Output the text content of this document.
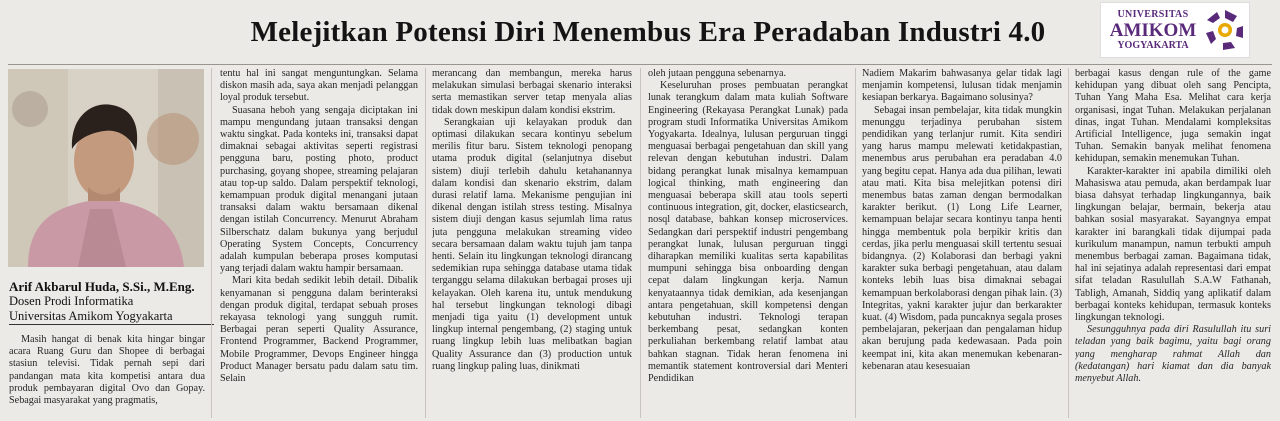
Melejitkan Potensi Diri Menembus Era Peradaban Industri 4.0
UNIVERSITAS
AMIKOM
YOGYAKARTA
Arif Akbarul Huda, S.Si., M.Eng.
Dosen Prodi Informatika
Universitas Amikom Yogyakarta

Masih hangat di benak kita hingar bingar acara Ruang Guru dan Shopee di berbagai stasiun televisi. Tidak pernah sepi dari pandangan mata kita kompetisi antara dua produk pembayaran digital Ovo dan Gopay. Sebagai masyarakat yang pragmatis,

tentu hal ini sangat menguntungkan. Selama diskon masih ada, saya akan menjadi pelanggan loyal produk tersebut.

Suasana heboh yang sengaja diciptakan ini mampu mengundang jutaan transaksi dengan waktu singkat. Pada konteks ini, transaksi dapat dimaknai sebagai aktivitas seperti registrasi pengguna baru, posting photo, product purchasing, goyang shopee, streaming pelajaran atau top-up saldo. Dalam perspektif teknologi, kemampuan produk digital menangani jutaan transaksi dalam waktu bersamaan dikenal dengan istilah Concurrency. Menurut Abraham Silberschatz dalam bukunya yang berjudul Operating System Concepts, Concurrency adalah kumpulan beberapa proses komputasi yang terjadi dalam waktu hampir bersamaan.

Mari kita bedah sedikit lebih detail. Dibalik kenyamanan si pengguna dalam berinteraksi dengan produk digital, terdapat sebuah proses rekayasa teknologi yang sungguh rumit. Berbagai peran seperti Quality Assurance, Frontend Programmer, Backend Programmer, Mobile Programmer, Devops Engineer hingga Product Manager bersatu padu dalam satu tim. Selain

merancang dan membangun, mereka harus melakukan simulasi berbagai skenario interaksi serta memastikan server tetap menyala alias tidak down meskipun dalam kondisi ekstrim.

Serangkaian uji kelayakan produk dan optimasi dilakukan secara kontinyu sebelum merilis fitur baru. Sistem teknologi penopang utama produk digital (selanjutnya disebut sistem) diuji terlebih dahulu ketahanannya dalam kondisi dan skenario ekstrim, dalam durasi relatif lama. Mekanisme pengujian ini dikenal dengan istilah stress testing. Misalnya sistem diuji dengan kasus sejumlah lima ratus juta pengguna melakukan streaming video secara bersamaan dalam waktu tujuh jam tanpa henti. Selain itu lingkungan teknologi dirancang sedemikian rupa sehingga database utama tidak terganggu selama dilakukan berbagai proses uji kelayakan. Oleh karena itu, untuk mendukung hal tersebut lingkungan teknologi dibagi menjadi tiga yaitu (1) development untuk lingkup internal pengembang, (2) staging untuk ruang lingkup lebih luas melibatkan bagian Quality Assurance dan (3) production untuk ruang lingkup paling luas, dinikmati

oleh jutaan pengguna sebenarnya.

Keseluruhan proses pembuatan perangkat lunak terangkum dalam mata kuliah Software Engineering (Rekayasa Perangkat Lunak) pada program studi Informatika Universitas Amikom Yogyakarta. Idealnya, lulusan perguruan tinggi menguasai berbagai pengetahuan dan skill yang relevan dengan kebutuhan industri. Dalam bidang perangkat lunak misalnya kemampuan logical thinking, math engineering dan menguasai beberapa skill atau tools seperti continuous integration, git, docker, elasticsearch, nosql database, bahkan konsep microservices. Sedangkan dari perspektif industri pengembang perangkat lunak, lulusan perguruan tinggi diharapkan memiliki kualitas serta kapabilitas mumpuni sehingga bisa onboarding dengan cepat dalam lingkungan kerja. Namun kenyataannya tidak demikian, ada kesenjangan antara pengetahuan, skill kompetensi dengan kebutuhan industri. Teknologi terapan berkembang pesat, sedangkan konten perkuliahan berkembang relatif lambat atau bahkan stagnan. Tidak heran fenomena ini memantik statement kontroversial dari Menteri Pendidikan

Nadiem Makarim bahwasanya gelar tidak lagi menjamin kompetensi, lulusan tidak menjamin kesiapan berkarya. Bagaimano solusinya?

Sebagai insan pembelajar, kita tidak mungkin menunggu terjadinya perubahan sistem pendidikan yang terlanjur rumit. Kita sendiri yang harus mampu melewati ketidakpastian, menembus arus perubahan era peradaban 4.0 yang begitu cepat. Hanya ada dua pilihan, lewati atau mati. Kita bisa melejitkan potensi diri menembus batas zaman dengan bermodalkan karakter berikut. (1) Long Life Learner, kemampuan belajar secara kontinyu tanpa henti hingga membentuk pola berpikir kritis dan cerdas, jika perlu menguasai skill tertentu sesuai bidangnya. (2) Kolaborasi dan berbagi yakni karakter suka berbagi pengetahuan, atau dalam konteks lebih luas bisa dimaknai sebagai kemampuan berkolaborasi dengan pihak lain. (3) Integritas, yakni karakter jujur dan berkarakter kuat. (4) Wisdom, pada puncaknya segala proses pembelajaran, pekerjaan dan pengalaman hidup akan berujung pada kedewasaan. Pada poin keempat ini, kita akan menemukan kebenaran-kebenaran atau kesesuaian

berbagai kasus dengan rule of the game kehidupan yang dibuat oleh sang Pencipta, Tuhan Yang Maha Esa. Melihat cara kerja organisasi, ingat Tuhan. Melakukan perjalanan dinas, ingat Tuhan. Mendalami kompleksitas Artificial Intelligence, juga semakin ingat Tuhan. Semakin banyak melihat fenomena kehidupan, semakin menemukan Tuhan.

Karakter-karakter ini apabila dimiliki oleh Mahasiswa atau pemuda, akan berdampak luar biasa dahsyat terhadap lingkungannya, baik lingkungan belajar, bermain, bekerja atau bahkan sosial masyarakat. Sayangnya empat karakter ini barangkali tidak dijumpai pada kurikulum manampun, namun terbukti ampuh menembus berbagai zaman. Bagaimana tidak, hal ini sejatinya adalah representasi dari empat sifat teladan Rasulullah S.A.W Fathanah, Tabligh, Amanah, Siddiq yang aplikatif dalam berbagai konteks kehidupan, termasuk konteks lingkungan teknologi.

Sesungguhnya pada diri Rasulullah itu suri teladan yang baik bagimu, yaitu bagi orang yang mengharap rahmat Allah dan (kedatangan) hari kiamat dan dia banyak menyebut Allah.
